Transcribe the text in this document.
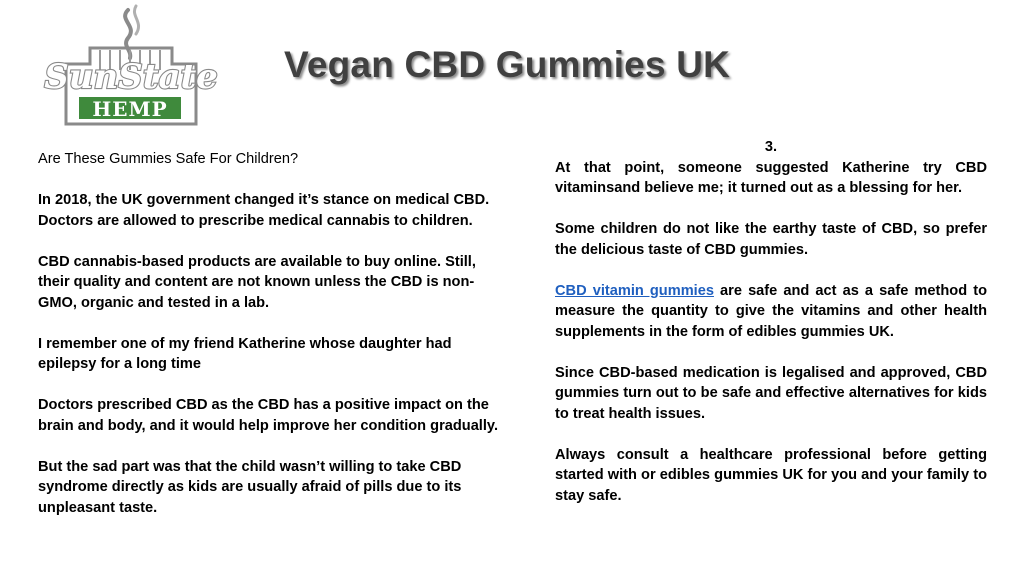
SunState
HEMP
Vegan CBD Gummies UK

Are These Gummies Safe For Children?

In 2018, the UK government changed it’s stance on medical CBD. Doctors are allowed to prescribe medical cannabis to children.

CBD cannabis-based products are available to buy online. Still, their quality and content are not known unless the CBD is non-GMO, organic and tested in a lab.

I remember one of my friend Katherine whose daughter had epilepsy for a long time

Doctors prescribed CBD as the CBD has a positive impact on the brain and body, and it would help improve her condition gradually.

But the sad part was that the child wasn’t willing to take CBD syndrome directly as kids are usually afraid of pills due to its unpleasant taste.

3.

At that point, someone suggested Katherine try CBD vitaminsand believe me; it turned out as a blessing for her.

Some children do not like the earthy taste of CBD, so prefer the delicious taste of CBD gummies.

CBD vitamin gummies are safe and act as a safe method to measure the quantity to give the vitamins and other health supplements in the form of edibles gummies UK.

Since CBD-based medication is legalised and approved, CBD gummies turn out to be safe and effective alternatives for kids to treat health issues.

Always consult a healthcare professional before getting started with or edibles gummies UK for you and your family to stay safe.
